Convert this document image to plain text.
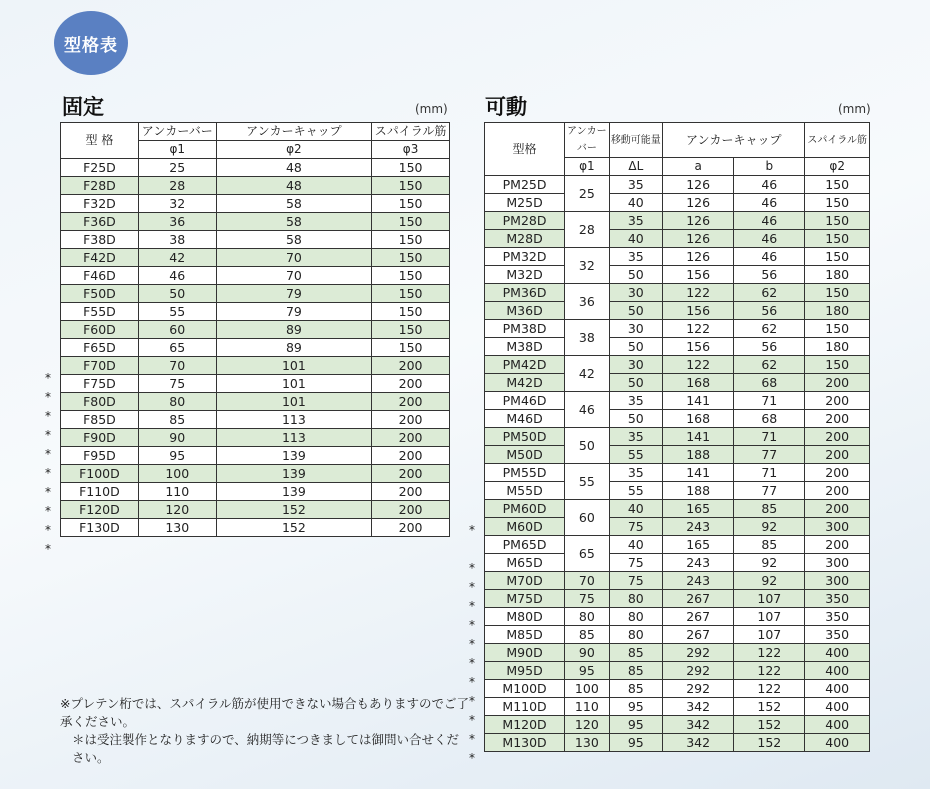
型格表
固定	(mm)
*
*
*
*
*
*
*
*
*
*
型 格	アンカーバー	アンカーキャップ	スパイラル筋
	φ1	φ2	φ3
F25D	25	48	150
F28D	28	48	150
F32D	32	58	150
F36D	36	58	150
F38D	38	58	150
F42D	42	70	150
F46D	46	70	150
F50D	50	79	150
F55D	55	79	150
F60D	60	89	150
F65D	65	89	150
F70D	70	101	200
F75D	75	101	200
F80D	80	101	200
F85D	85	113	200
F90D	90	113	200
F95D	95	139	200
F100D	100	139	200
F110D	110	139	200
F120D	120	152	200
F130D	130	152	200
可動	(mm)
*
*
*
*
*
*
*
*
*
*
*
*
型格	アンカーバー	移動可能量	アンカーキャップ		スパイラル筋
	φ1	ΔL	a	b	φ2
PM25D	25	35	126	46	150
M25D		40	126	46	150
PM28D	28	35	126	46	150
M28D		40	126	46	150
PM32D	32	35	126	46	150
M32D		50	156	56	180
PM36D	36	30	122	62	150
M36D		50	156	56	180
PM38D	38	30	122	62	150
M38D		50	156	56	180
PM42D	42	30	122	62	150
M42D		50	168	68	200
PM46D	46	35	141	71	200
M46D		50	168	68	200
PM50D	50	35	141	71	200
M50D		55	188	77	200
PM55D	55	35	141	71	200
M55D		55	188	77	200
PM60D	60	40	165	85	200
M60D		75	243	92	300
PM65D	65	40	165	85	200
M65D		75	243	92	300
M70D	70	75	243	92	300
M75D	75	80	267	107	350
M80D	80	80	267	107	350
M85D	85	80	267	107	350
M90D	90	85	292	122	400
M95D	95	85	292	122	400
M100D	100	85	292	122	400
M110D	110	95	342	152	400
M120D	120	95	342	152	400
M130D	130	95	342	152	400

※プレテン桁では、スパイラル筋が使用できない場合もありますのでご了承ください。

＊は受注製作となりますので、納期等につきましては御問い合せください。
